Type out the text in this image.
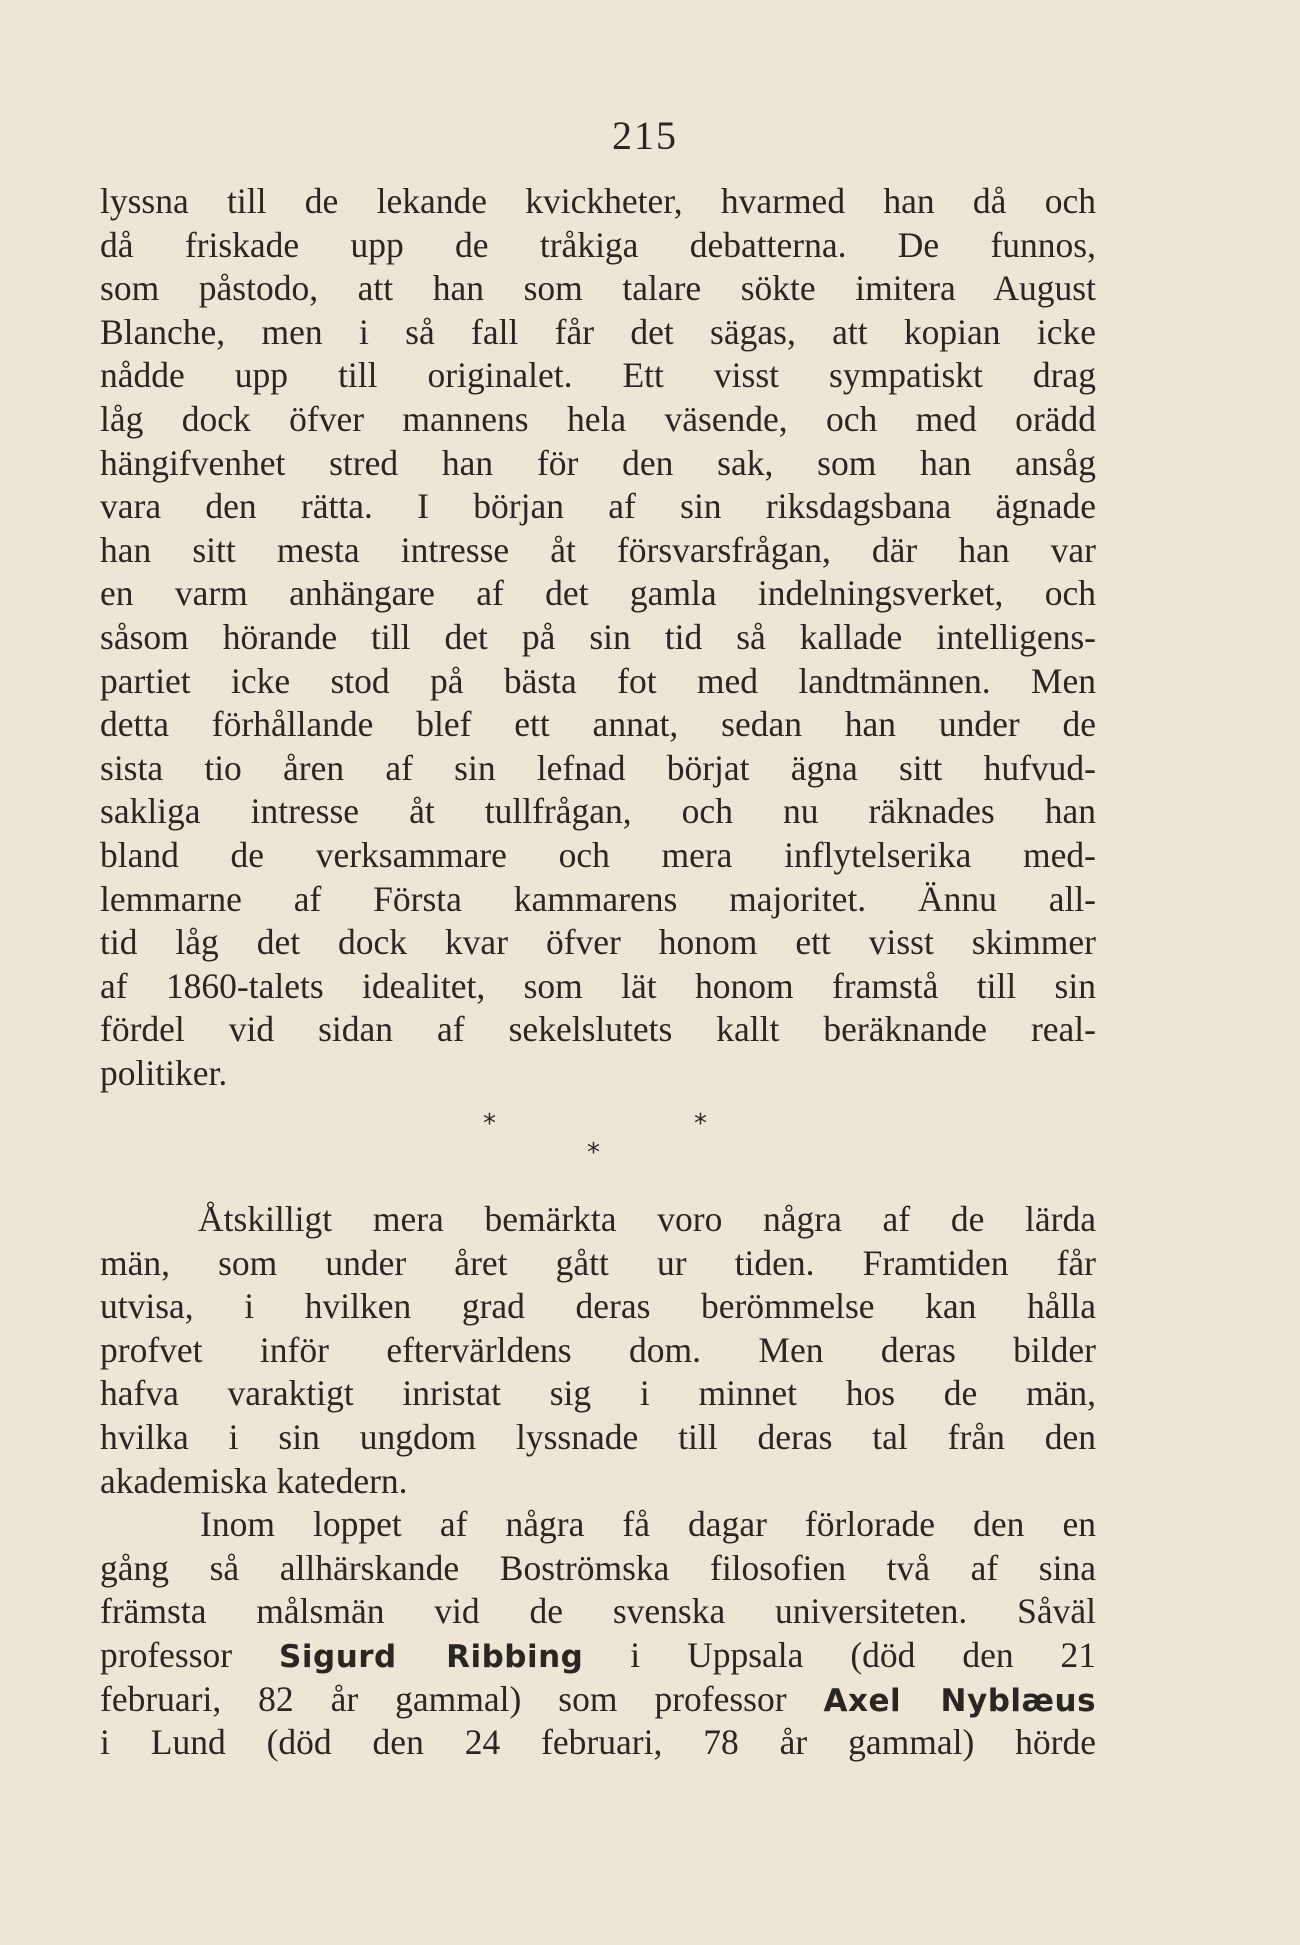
215
lyssna till de lekande kvickheter, hvarmed han då och
då friskade upp de tråkiga debatterna. De funnos,
som påstodo, att han som talare sökte imitera August
Blanche, men i så fall får det sägas, att kopian icke
nådde upp till originalet. Ett visst sympatiskt drag
låg dock öfver mannens hela väsende, och med orädd
hängifvenhet stred han för den sak, som han ansåg
vara den rätta. I början af sin riksdagsbana ägnade
han sitt mesta intresse åt försvarsfrågan, där han var
en varm anhängare af det gamla indelningsverket, och
såsom hörande till det på sin tid så kallade intelligens-
partiet icke stod på bästa fot med landtmännen. Men
detta förhållande blef ett annat, sedan han under de
sista tio åren af sin lefnad börjat ägna sitt hufvud-
sakliga intresse åt tullfrågan, och nu räknades han
bland de verksammare och mera inflytelserika med-
lemmarne af Första kammarens majoritet. Ännu all-
tid låg det dock kvar öfver honom ett visst skimmer
af 1860-talets idealitet, som lät honom framstå till sin
fördel vid sidan af sekelslutets kallt beräknande real-
politiker.
*	*
*
Åtskilligt mera bemärkta voro några af de lärda
män, som under året gått ur tiden. Framtiden får
utvisa, i hvilken grad deras berömmelse kan hålla
profvet inför eftervärldens dom. Men deras bilder
hafva varaktigt inristat sig i minnet hos de män,
hvilka i sin ungdom lyssnade till deras tal från den
akademiska katedern.
Inom loppet af några få dagar förlorade den en
gång så allhärskande Boströmska filosofien två af sina
främsta målsmän vid de svenska universiteten. Såväl
professor Sigurd Ribbing i Uppsala (död den 21
februari, 82 år gammal) som professor Axel Nyblæus
i Lund (död den 24 februari, 78 år gammal) hörde
